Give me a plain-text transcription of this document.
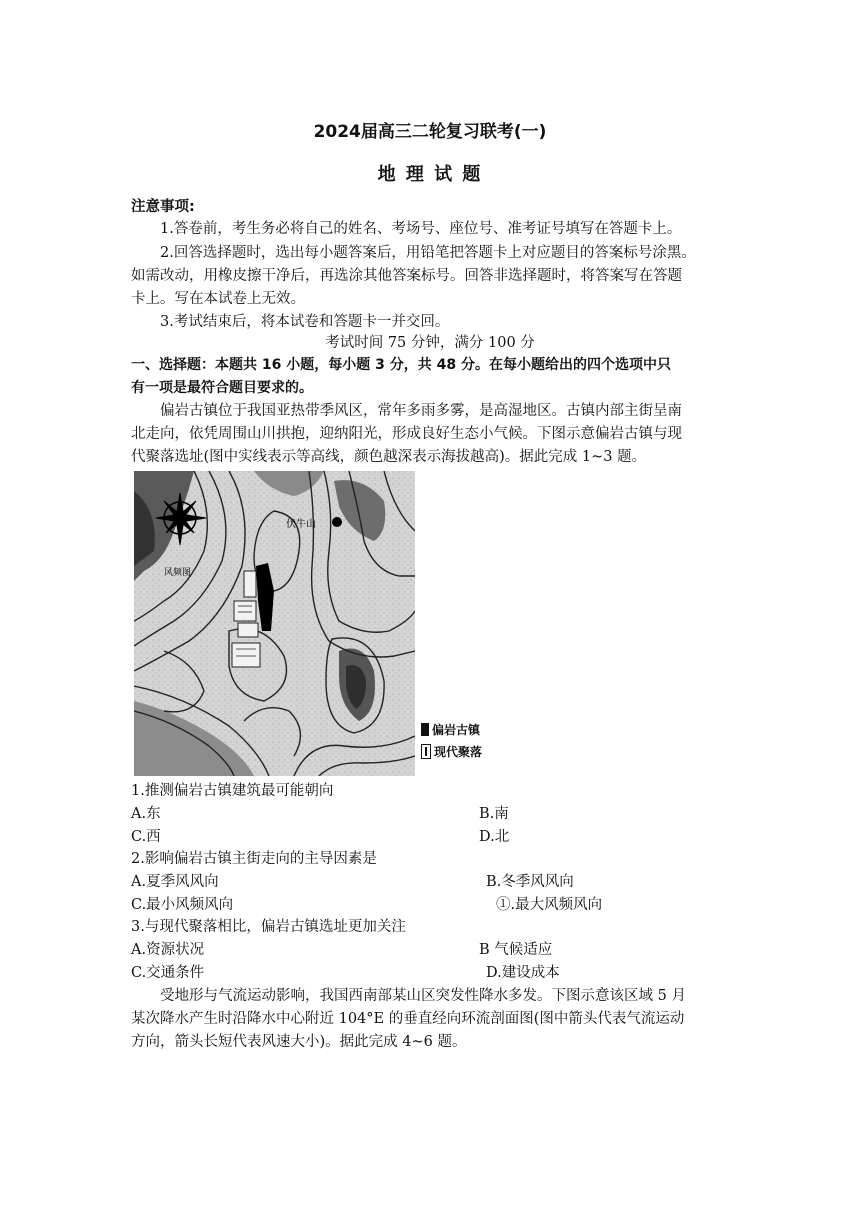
2024届高三二轮复习联考(一)
地 理 试 题
注意事项:
1.答卷前，考生务必将自己的姓名、考场号、座位号、准考证号填写在答题卡上。
2.回答选择题时，选出每小题答案后，用铅笔把答题卡上对应题目的答案标号涂黑。
如需改动，用橡皮擦干净后，再选涂其他答案标号。回答非选择题时，将答案写在答题
卡上。写在本试卷上无效。
3.考试结束后，将本试卷和答题卡一并交回。
考试时间 75 分钟，满分 100 分
一、选择题：本题共 16 小题，每小题 3 分，共 48 分。在每小题给出的四个选项中只
有一项是最符合题目要求的。
偏岩古镇位于我国亚热带季风区，常年多雨多雾，是高湿地区。古镇内部主街呈南
北走向，依凭周围山川拱抱，迎纳阳光，形成良好生态小气候。下图示意偏岩古镇与现
代聚落选址(图中实线表示等高线，颜色越深表示海拔越高)。据此完成 1~3 题。
伏牛山
风频图
偏岩古镇
现代聚落
1.推测偏岩古镇建筑最可能朝向
A.东	B.南
C.西	D.北
2.影响偏岩古镇主街走向的主导因素是
A.夏季风风向	B.冬季风风向
C.最小风频风向	①.最大风频风向
3.与现代聚落相比，偏岩古镇选址更加关注
A.资源状况	B 气候适应
C.交通条件	D.建设成本
受地形与气流运动影响，我国西南部某山区突发性降水多发。下图示意该区域 5 月
某次降水产生时沿降水中心附近 104°E 的垂直经向环流剖面图(图中箭头代表气流运动
方向，箭头长短代表风速大小)。据此完成 4~6 题。
